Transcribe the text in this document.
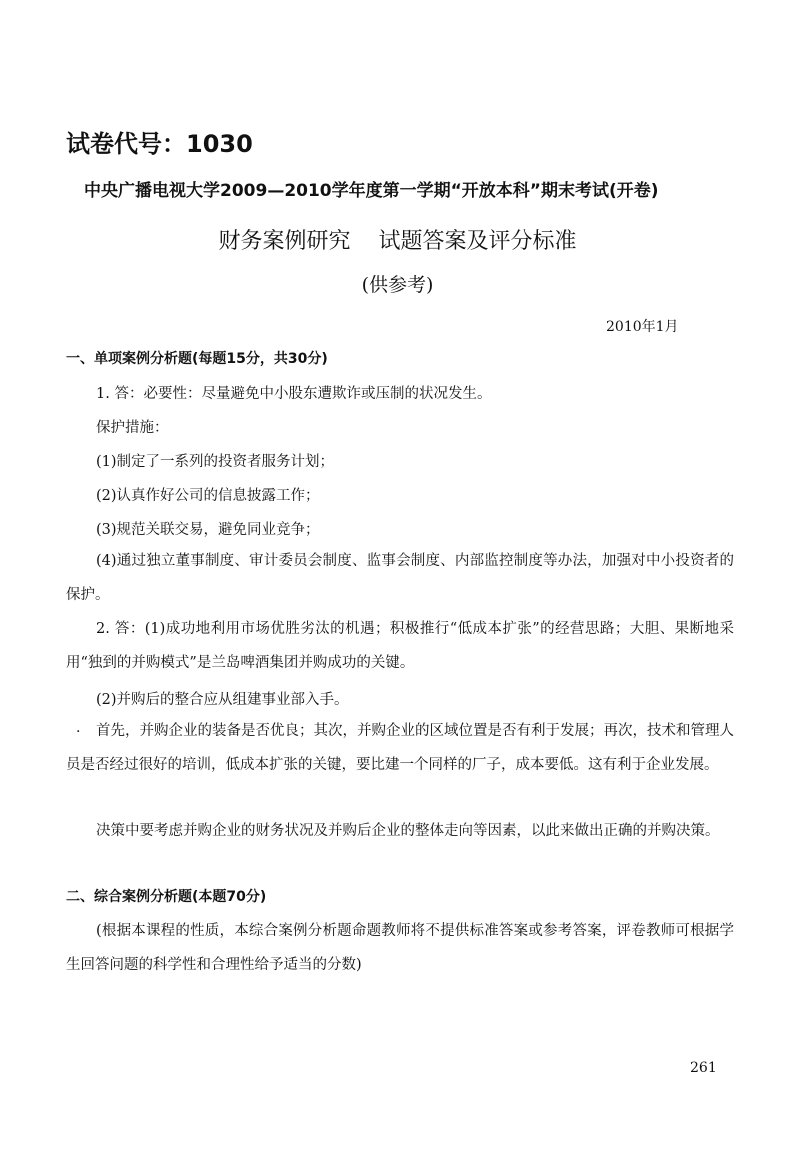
试卷代号：1030
中央广播电视大学2009—2010学年度第一学期“开放本科”期末考试(开卷)
财务案例研究 试题答案及评分标准
(供参考)
2010年1月
一、单项案例分析题(每题15分，共30分)
1. 答：必要性：尽量避免中小股东遭欺诈或压制的状况发生。
保护措施：
(1)制定了一系列的投资者服务计划；
(2)认真作好公司的信息披露工作；
(3)规范关联交易，避免同业竞争；
(4)通过独立董事制度、审计委员会制度、监事会制度、内部监控制度等办法，加强对中小投资者的保护。
2. 答：(1)成功地利用市场优胜劣汰的机遇；积极推行“低成本扩张”的经营思路；大胆、果断地采用“独到的并购模式”是兰岛啤酒集团并购成功的关键。
(2)并购后的整合应从组建事业部入手。
.	首先，并购企业的装备是否优良；其次，并购企业的区域位置是否有利于发展；再次，技术和管理人员是否经过很好的培训，低成本扩张的关键，要比建一个同样的厂子，成本要低。这有利于企业发展。
决策中要考虑并购企业的财务状况及并购后企业的整体走向等因素，以此来做出正确的并购决策。
二、综合案例分析题(本题70分)
(根据本课程的性质，本综合案例分析题命题教师将不提供标准答案或参考答案，评卷教师可根据学生回答问题的科学性和合理性给予适当的分数)
261
